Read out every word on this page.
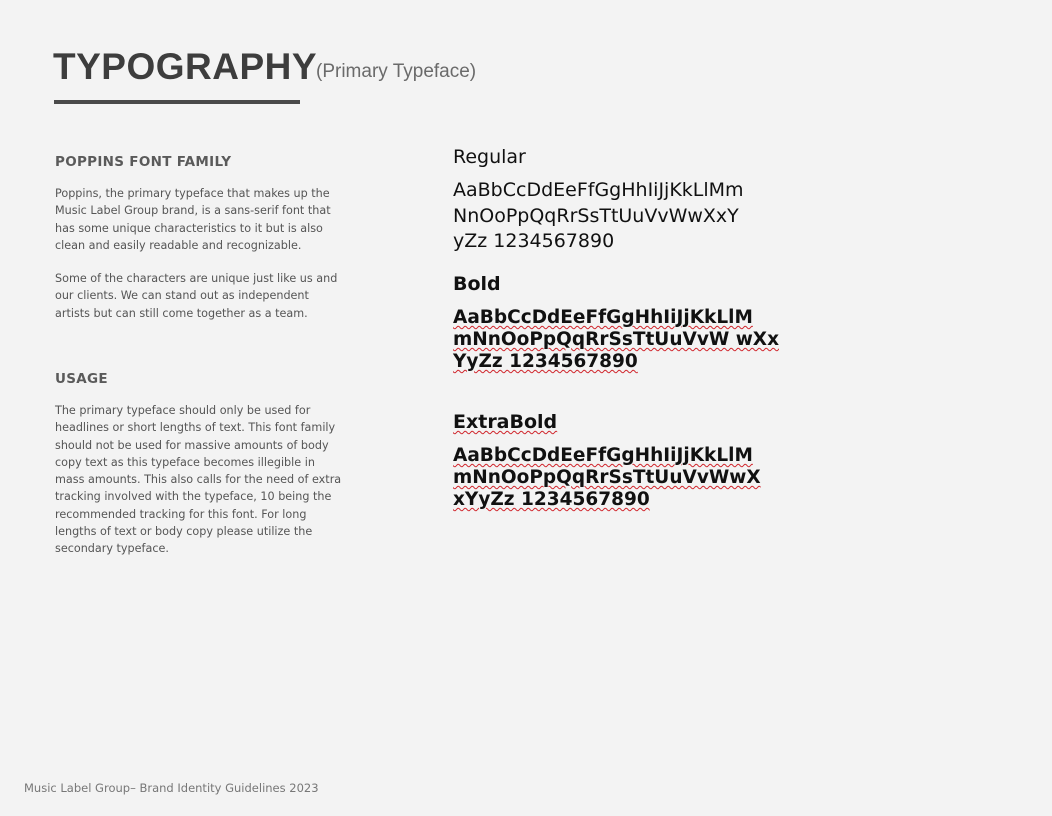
TYPOGRAPHY
(Primary Typeface)
POPPINS FONT FAMILY

Poppins, the primary typeface that makes up the Music Label Group brand, is a sans-serif font that has some unique characteristics to it but is also clean and easily readable and recognizable.

Some of the characters are unique just like us and our clients. We can stand out as independent artists but can still come together as a team.

USAGE

The primary typeface should only be used for headlines or short lengths of text. This font family should not be used for massive amounts of body copy text as this typeface becomes illegible in mass amounts. This also calls for the need of extra tracking involved with the typeface, 10 being the recommended tracking for this font. For long lengths of text or body copy please utilize the secondary typeface.

Regular
AaBbCcDdEeFfGgHhIiJjKkLlMm
NnOoPpQqRrSsTtUuVvWwXxY
yZz 1234567890
Bold
AaBbCcDdEeFfGgHhIiJjKkLlM
mNnOoPpQqRrSsTtUuVvW wXx
YyZz 1234567890
ExtraBold
AaBbCcDdEeFfGgHhIiJjKkLlM
mNnOoPpQqRrSsTtUuVvWwX
xYyZz 1234567890
Music Label Group– Brand Identity Guidelines 2023
